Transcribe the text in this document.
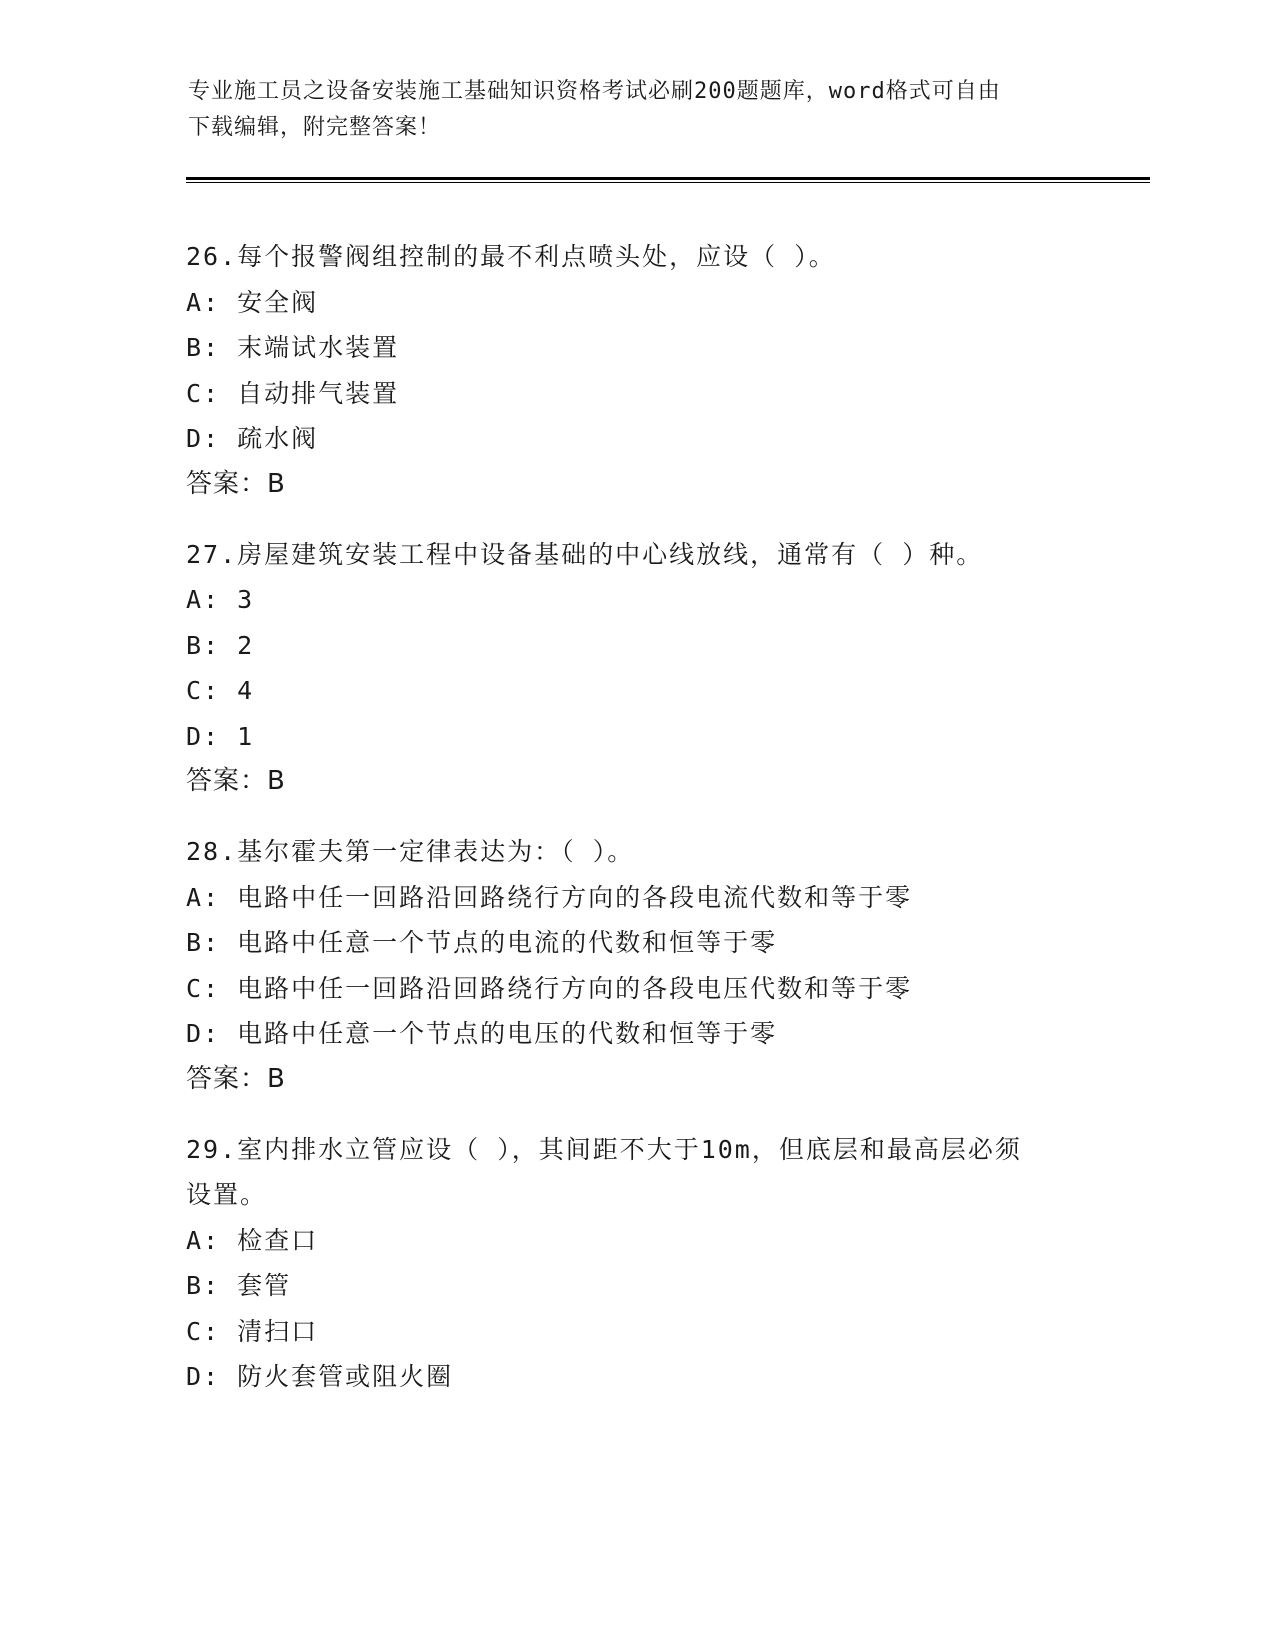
专业施工员之设备安装施工基础知识资格考试必刷200题题库，word格式可自由
下载编辑，附完整答案！
26.每个报警阀组控制的最不利点喷头处，应设（ ）。
A: 安全阀
B: 末端试水装置
C: 自动排气装置
D: 疏水阀
答案：B
27.房屋建筑安装工程中设备基础的中心线放线，通常有（ ）种。
A: 3
B: 2
C: 4
D: 1
答案：B
28.基尔霍夫第一定律表达为：（ ）。
A: 电路中任一回路沿回路绕行方向的各段电流代数和等于零
B: 电路中任意一个节点的电流的代数和恒等于零
C: 电路中任一回路沿回路绕行方向的各段电压代数和等于零
D: 电路中任意一个节点的电压的代数和恒等于零
答案：B
29.室内排水立管应设（ ），其间距不大于10m，但底层和最高层必须
设置。
A: 检查口
B: 套管
C: 清扫口
D: 防火套管或阻火圈
